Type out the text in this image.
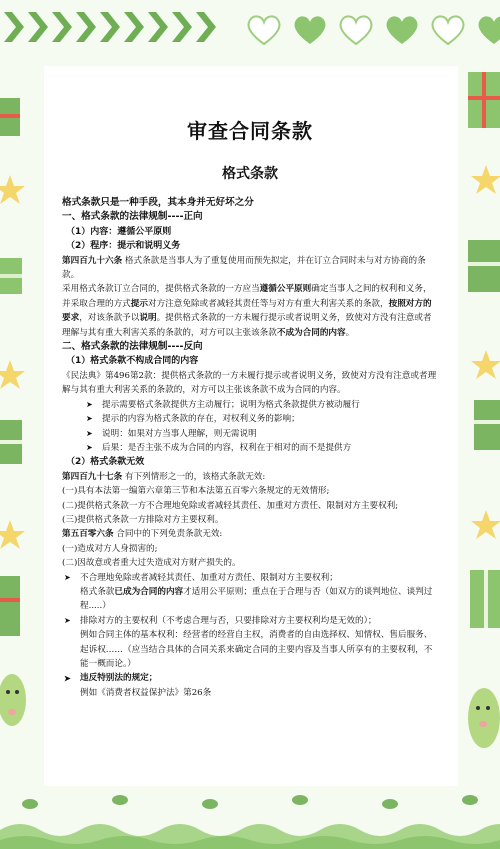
审查合同条款
格式条款

格式条款只是一种手段，其本身并无好坏之分

一、格式条款的法律规制----正向

（1）内容：遵循公平原则

（2）程序：提示和说明义务

第四百九十六条 格式条款是当事人为了重复使用而预先拟定，并在订立合同时未与对方协商的条款。

采用格式条款订立合同的，提供格式条款的一方应当遵循公平原则确定当事人之间的权利和义务，并采取合理的方式提示对方注意免除或者减轻其责任等与对方有重大利害关系的条款，按照对方的要求，对该条款予以说明。提供格式条款的一方未履行提示或者说明义务，致使对方没有注意或者理解与其有重大利害关系的条款的，对方可以主张该条款不成为合同的内容。

二、格式条款的法律规制----反向

（1）格式条款不构成合同的内容

《民法典》第496第2款：提供格式条款的一方未履行提示或者说明义务，致使对方没有注意或者理解与其有重大利害关系的条款的，对方可以主张该条款不成为合同的内容。

➤ 提示需要格式条款提供方主动履行；说明为格式条款提供方被动履行

➤ 提示的内容为格式条款的存在，对权利义务的影响；

➤ 说明：如果对方当事人理解，则无需说明

➤ 后果：是否主张不成为合同的内容，权利在于相对的而不是提供方

（2）格式条款无效

第四百九十七条 有下列情形之一的，该格式条款无效:

(一)具有本法第一编第六章第三节和本法第五百零六条规定的无效情形;

(二)提供格式条款一方不合理地免除或者减轻其责任、加重对方责任、限制对方主要权利;

(三)提供格式条款一方排除对方主要权利。

第五百零六条 合同中的下列免责条款无效:

(一)造成对方人身损害的;

(二)因故意或者重大过失造成对方财产损失的。

➤ 不合理地免除或者减轻其责任、加重对方责任、限制对方主要权利；

格式条款已成为合同的内容才适用公平原则；重点在于合理与否（如双方的谈判地位、谈判过程.....）

➤ 排除对方的主要权利（不考虑合理与否，只要排除对方主要权利均是无效的）；

例如合同主体的基本权利：经营者的经营自主权，消费者的自由选择权、知情权、售后服务、起诉权……（应当结合具体的合同关系来确定合同的主要内容及当事人所享有的主要权利，不能一概而论。）

➤ 违反特别法的规定；

例如《消费者权益保护法》第26条
